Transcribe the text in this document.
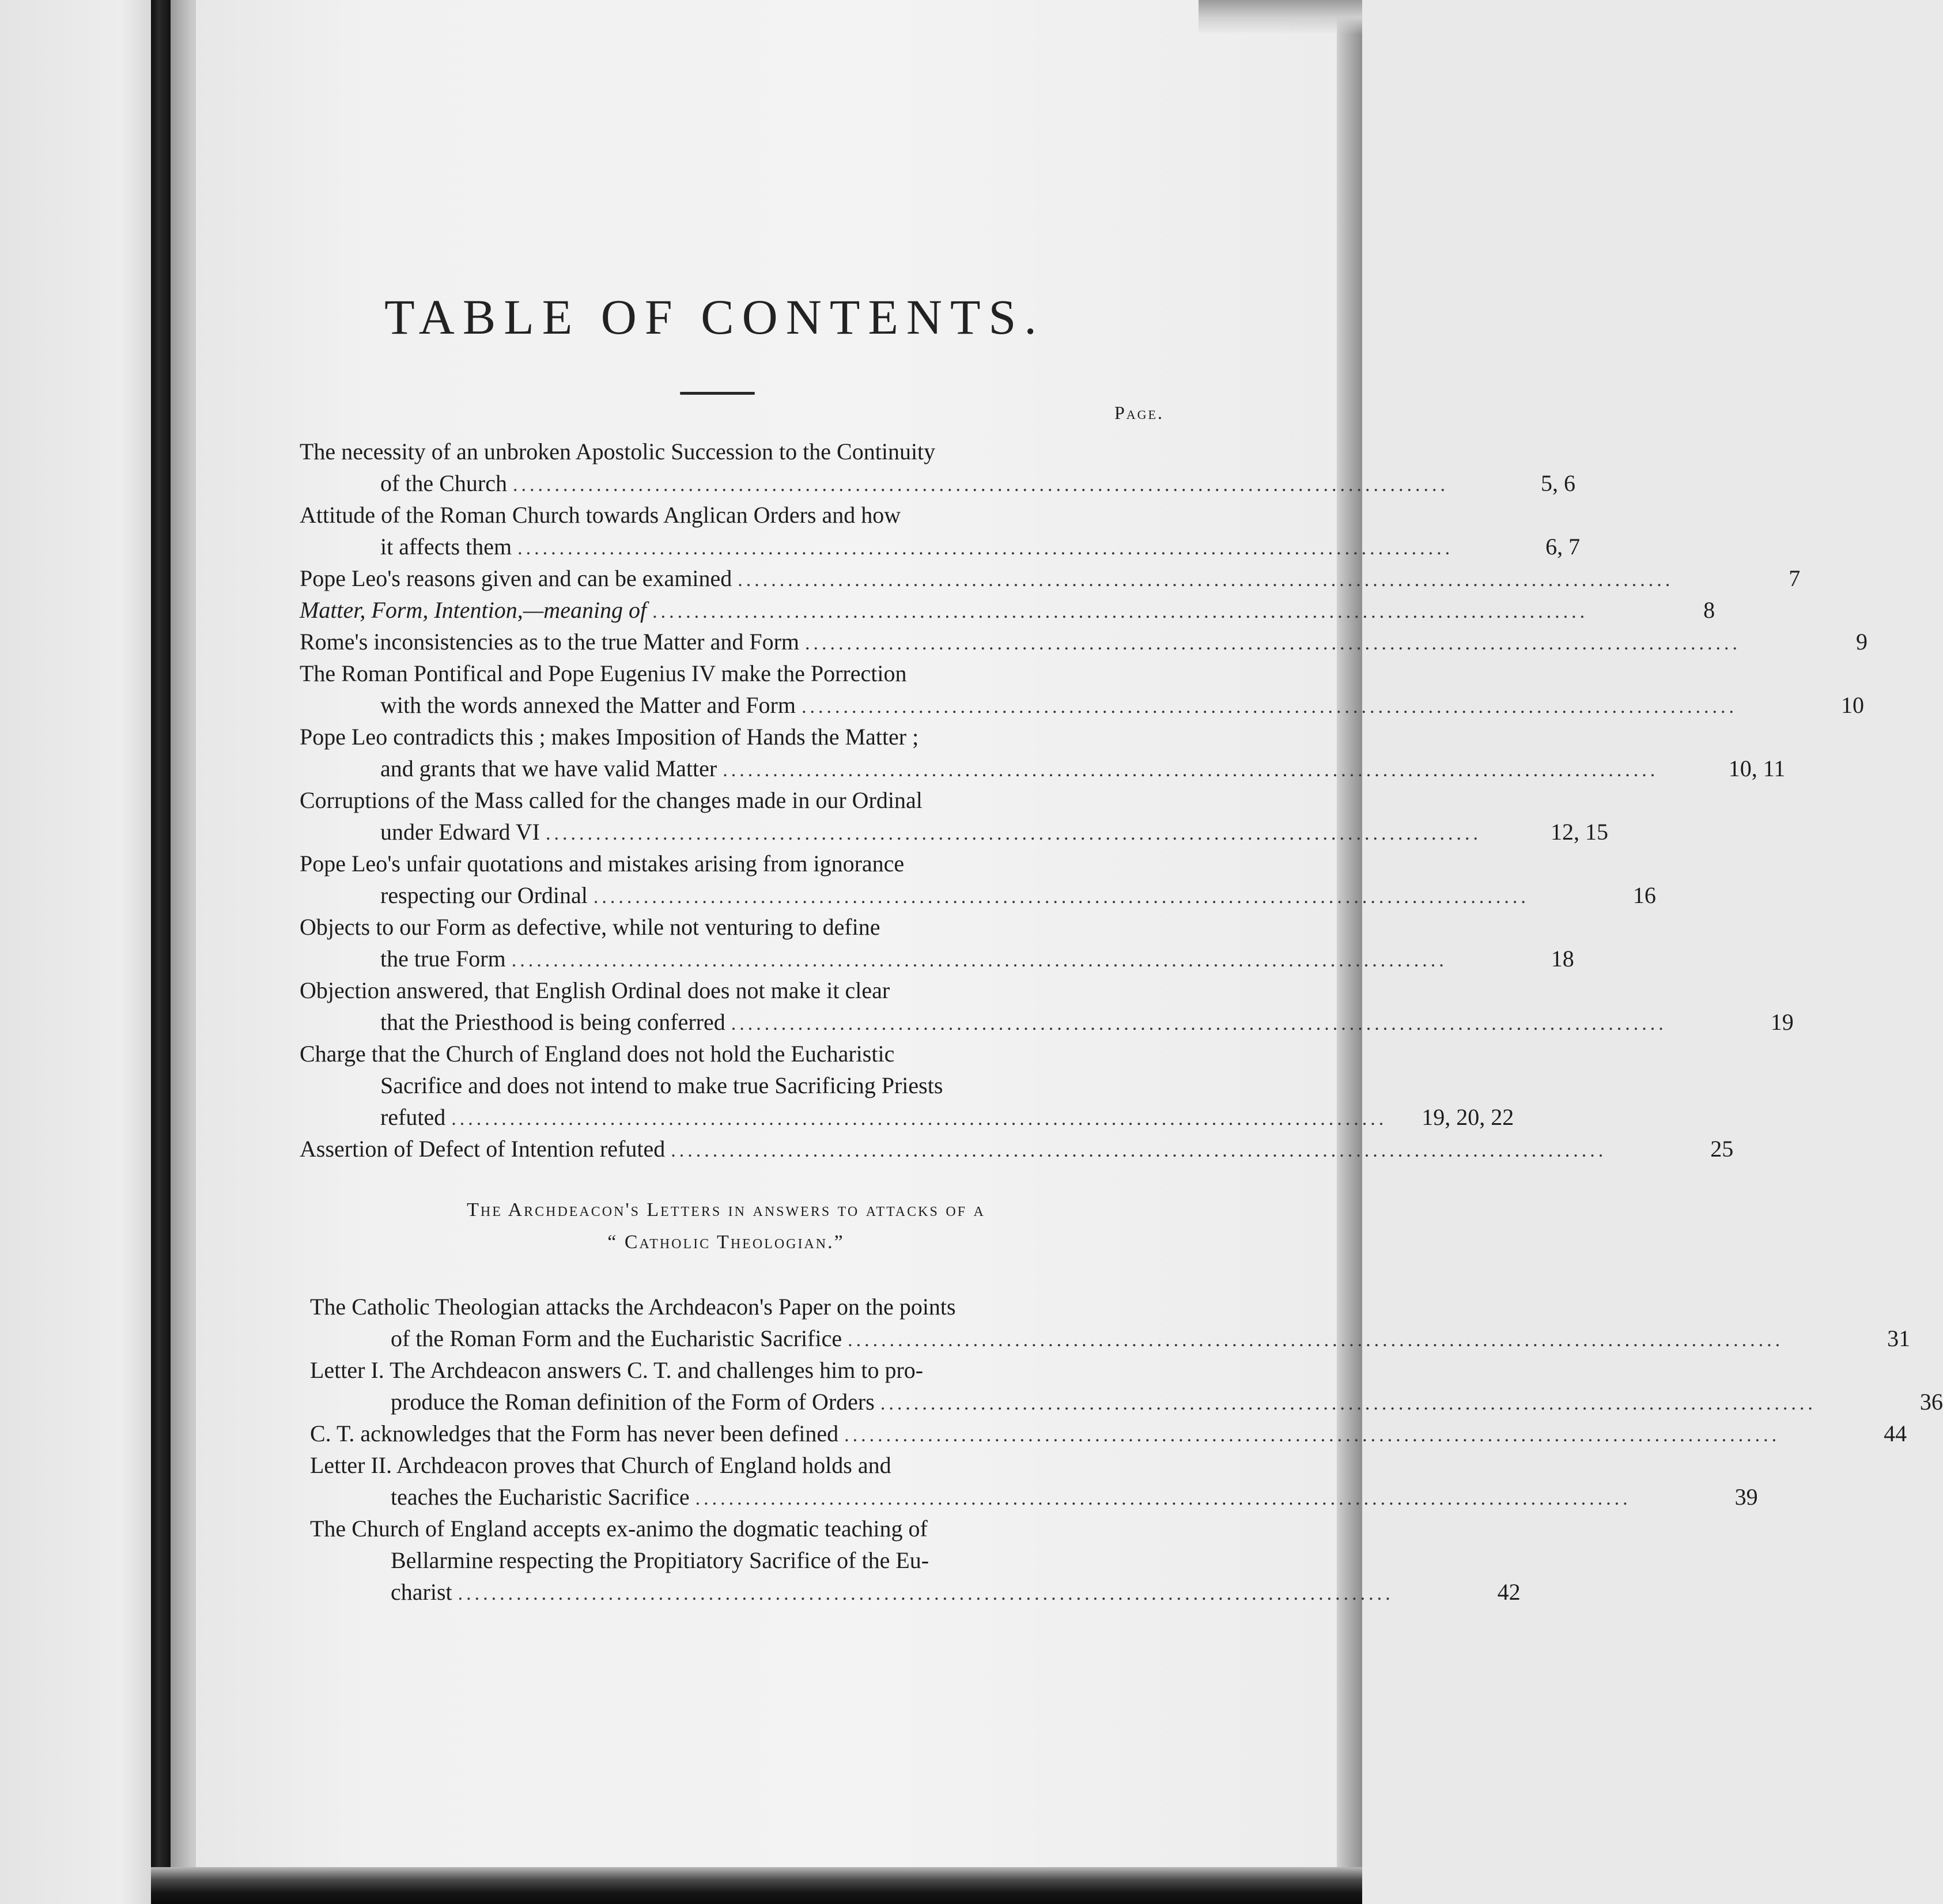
TABLE OF CONTENTS.
Page.
The necessity of an unbroken Apostolic Succession to the Continuity
of the Church ................................................................................................................	5, 6
Attitude of the Roman Church towards Anglican Orders and how
it affects them ................................................................................................................	6, 7
Pope Leo's reasons given and can be examined ................................................................................................................	7
Matter, Form, Intention,—meaning of ................................................................................................................	8
Rome's inconsistencies as to the true Matter and Form ................................................................................................................	9
The Roman Pontifical and Pope Eugenius IV make the Porrection
with the words annexed the Matter and Form ................................................................................................................	10
Pope Leo contradicts this ; makes Imposition of Hands the Matter ;
and grants that we have valid Matter ................................................................................................................	10, 11
Corruptions of the Mass called for the changes made in our Ordinal
under Edward VI ................................................................................................................	12, 15
Pope Leo's unfair quotations and mistakes arising from ignorance
respecting our Ordinal ................................................................................................................	16
Objects to our Form as defective, while not venturing to define
the true Form ................................................................................................................	18
Objection answered, that English Ordinal does not make it clear
that the Priesthood is being conferred ................................................................................................................	19
Charge that the Church of England does not hold the Eucharistic
Sacrifice and does not intend to make true Sacrificing Priests
refuted ................................................................................................................	19, 20, 22
Assertion of Defect of Intention refuted ................................................................................................................	25
The Archdeacon's Letters in answers to attacks of a
“ Catholic Theologian.”
The Catholic Theologian attacks the Archdeacon's Paper on the points
of the Roman Form and the Eucharistic Sacrifice ................................................................................................................	31
Letter I. The Archdeacon answers C. T. and challenges him to pro-
produce the Roman definition of the Form of Orders ................................................................................................................	36
C. T. acknowledges that the Form has never been defined ................................................................................................................	44
Letter II. Archdeacon proves that Church of England holds and
teaches the Eucharistic Sacrifice ................................................................................................................	39
The Church of England accepts ex-animo the dogmatic teaching of
Bellarmine respecting the Propitiatory Sacrifice of the Eu-
charist ................................................................................................................	42
